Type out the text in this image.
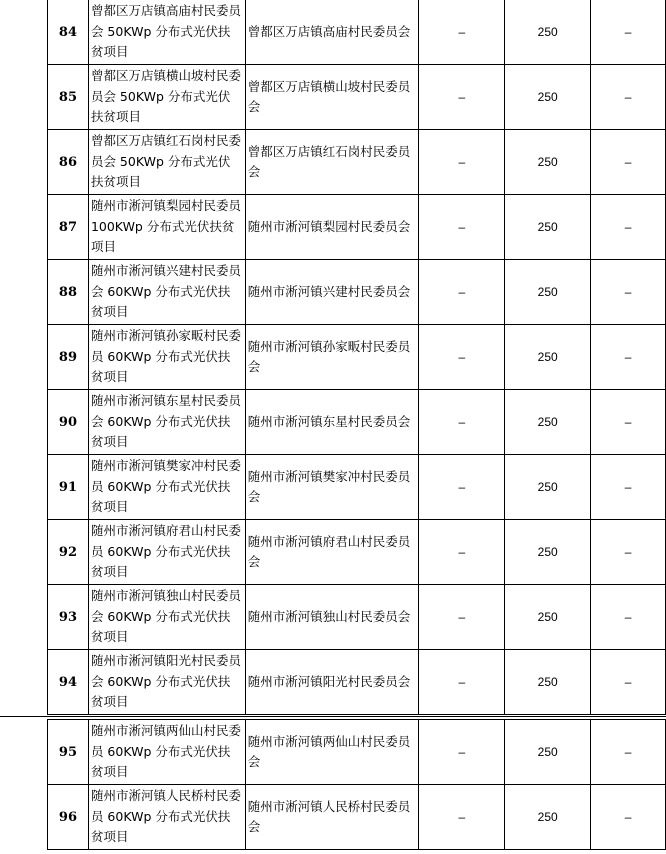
84	曾都区万店镇高庙村民委员会 50KWp 分布式光伏扶贫项目	曾都区万店镇高庙村民委员会	–	250	–
85	曾都区万店镇横山坡村民委员会 50KWp 分布式光伏扶贫项目	曾都区万店镇横山坡村民委员会	–	250	–
86	曾都区万店镇红石岗村民委员会 50KWp 分布式光伏扶贫项目	曾都区万店镇红石岗村民委员会	–	250	–
87	随州市淅河镇梨园村民委员 100KWp 分布式光伏扶贫项目	随州市淅河镇梨园村民委员会	–	250	–
88	随州市淅河镇兴建村民委员会 60KWp 分布式光伏扶贫项目	随州市淅河镇兴建村民委员会	–	250	–
89	随州市淅河镇孙家畈村民委员 60KWp 分布式光伏扶贫项目	随州市淅河镇孙家畈村民委员会	–	250	–
90	随州市淅河镇东星村民委员会 60KWp 分布式光伏扶贫项目	随州市淅河镇东星村民委员会	–	250	–
91	随州市淅河镇樊家冲村民委员 60KWp 分布式光伏扶贫项目	随州市淅河镇樊家冲村民委员会	–	250	–
92	随州市淅河镇府君山村民委员 60KWp 分布式光伏扶贫项目	随州市淅河镇府君山村民委员会	–	250	–
93	随州市淅河镇独山村民委员会 60KWp 分布式光伏扶贫项目	随州市淅河镇独山村民委员会	–	250	–
94	随州市淅河镇阳光村民委员会 60KWp 分布式光伏扶贫项目	随州市淅河镇阳光村民委员会	–	250	–
95	随州市淅河镇两仙山村民委员 60KWp 分布式光伏扶贫项目	随州市淅河镇两仙山村民委员会	–	250	–
96	随州市淅河镇人民桥村民委员 60KWp 分布式光伏扶贫项目	随州市淅河镇人民桥村民委员会	–	250	–
